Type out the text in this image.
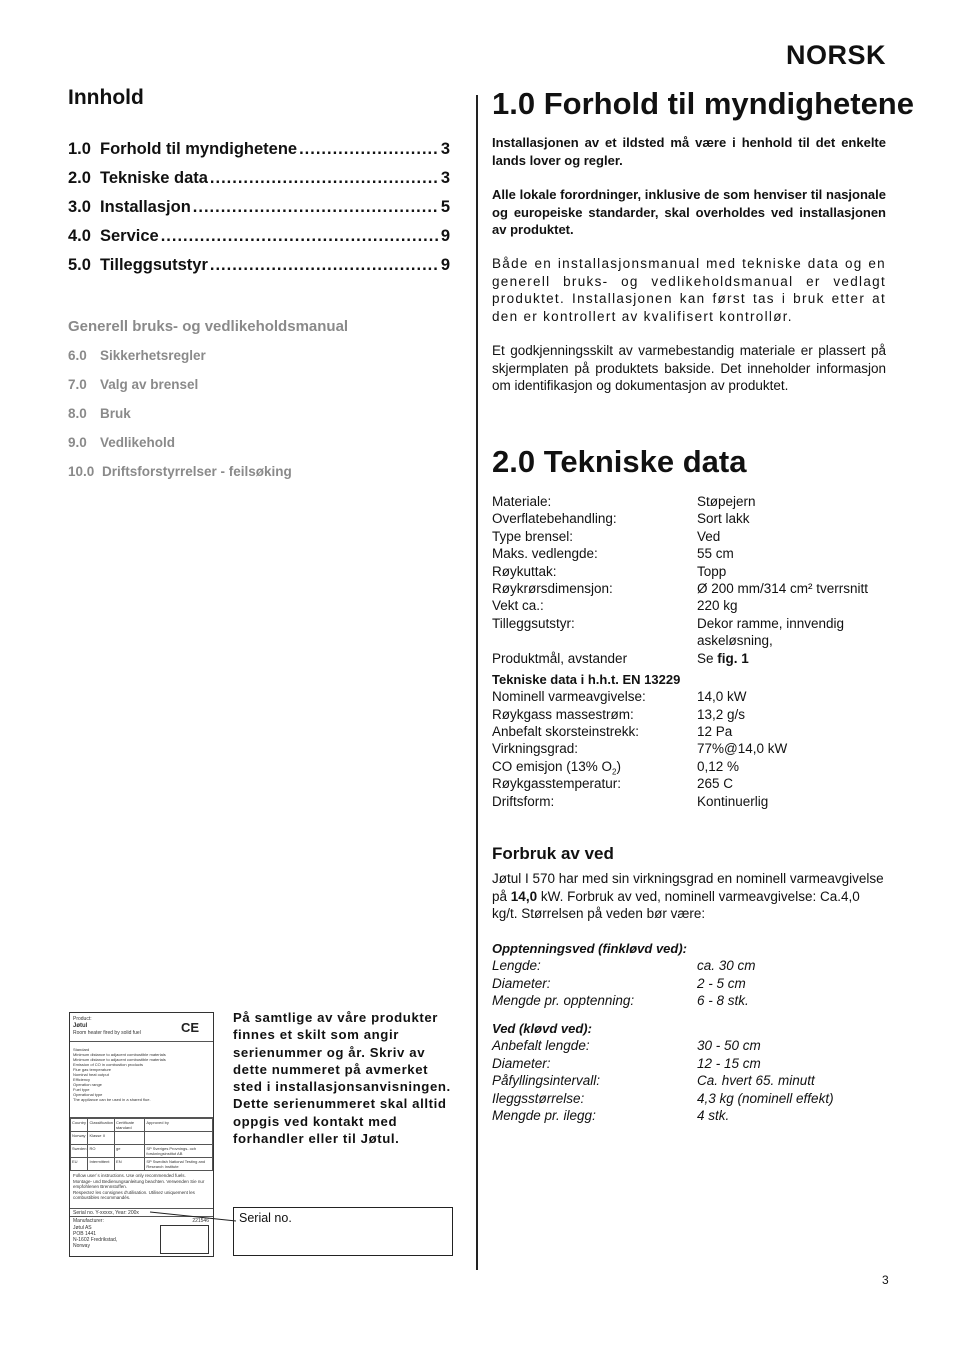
NORSK
Innhold
1.0 Forhold til myndighetene .....	3
2.0 Tekniske data .....	3
3.0 Installasjon .....	5
4.0 Service .....	9
5.0 Tilleggsutstyr .....	9
Generell bruks- og vedlikeholdsmanual
6.0 Sikkerhetsregler
7.0 Valg av brensel
8.0 Bruk
9.0 Vedlikehold
10.0 Driftsforstyrrelser - feilsøking
1.0 Forhold til myndighetene
Installasjonen av et ildsted må være i henhold til det enkelte lands lover og regler.
Alle lokale forordninger, inklusive de som henviser til nasjonale og europeiske standarder, skal overholdes ved installasjonen av produktet.
Både en installasjonsmanual med tekniske data og en generell bruks- og vedlikeholdsmanual er vedlagt produktet. Installasjonen kan først tas i bruk etter at den er kontrollert av kvalifisert kontrollør.
Et godkjenningsskilt av varmebestandig materiale er plassert på skjermplaten på produktets bakside. Det inneholder informasjon om identifikasjon og dokumentasjon av produktet.
2.0 Tekniske data
Materiale:	Støpejern
Overflatebehandling:	Sort lakk
Type brensel:	Ved
Maks. vedlengde:	55 cm
Røykuttak:	Topp
Røykrørsdimensjon:	Ø 200 mm/314 cm² tverrsnitt
Vekt ca.:	220 kg
Tilleggsutstyr:	Dekor ramme, innvendig
askeløsning,
Produktmål, avstander	Se fig. 1
Tekniske data i h.h.t. EN 13229
Nominell varmeavgivelse:	14,0 kW
Røykgass massestrøm:	13,2 g/s
Anbefalt skorsteinstrekk:	12 Pa
Virkningsgrad:	77%@14,0 kW
CO emisjon (13% $O_2$)	0,12 %
Røykgasstemperatur:	265 C
Driftsform:	Kontinuerlig
Forbruk av ved
Jøtul I 570 har med sin virkningsgrad en nominell varmeavgivelse på 14,0 kW. Forbruk av ved, nominell varmeavgivelse: Ca.4,0 kg/t. Størrelsen på veden bør være:
Opptenningsved (finkløvd ved):
Lengde:	ca. 30 cm
Diameter:	2 - 5 cm
Mengde pr. opptenning:	6 - 8 stk.
Ved (kløvd ved):
Anbefalt lengde:	30 - 50 cm
Diameter:	12 - 15 cm
Påfyllingsintervall:	Ca. hvert 65. minutt
Ileggsstørrelse:	4,3 kg (nominell effekt)
Mengde pr. ilegg:	4 stk.
Product:
Jøtul
Room heater fired by solid fuel	CE
Standard
Minimum distance to adjacent combustible materials
Minimum distance to adjacent combustible materials
Emission of CO in combustion products
Flue gas temperature
Nominal heat output
Efficiency
Operation range
Fuel type
Operational type
The appliance can be used in a shared flue.
Country	Classification	Certificate standard	Approved by
Norway	Klasse II		
Sweden	RO	ge	SP Sveriges Provnings- och forskningsinstitut AB
EU	Intermittent	EN	SP Swedish National Testing and Research Institute
Follow user´s instructions. Use only recommended fuels.
Montage- und Bedienungsanleitung beachten. Verwenden Sie nur empfohlenen Brennstoffen.
Respectez les consignes d'utilisation. Utilisez uniquement les combustibles recommandés.
Serial no. Y-xxxxx, Year: 200x
Manufacturer:	221546
Jøtul AS
POB 1441
N-1602 Fredrikstad,
Norway
På samtlige av våre produkter finnes et skilt som angir serienummer og år. Skriv av dette nummeret på avmerket sted i installasjonsanvisningen. Dette serienummeret skal alltid oppgis ved kontakt med forhandler eller til Jøtul.
Serial no.
3
